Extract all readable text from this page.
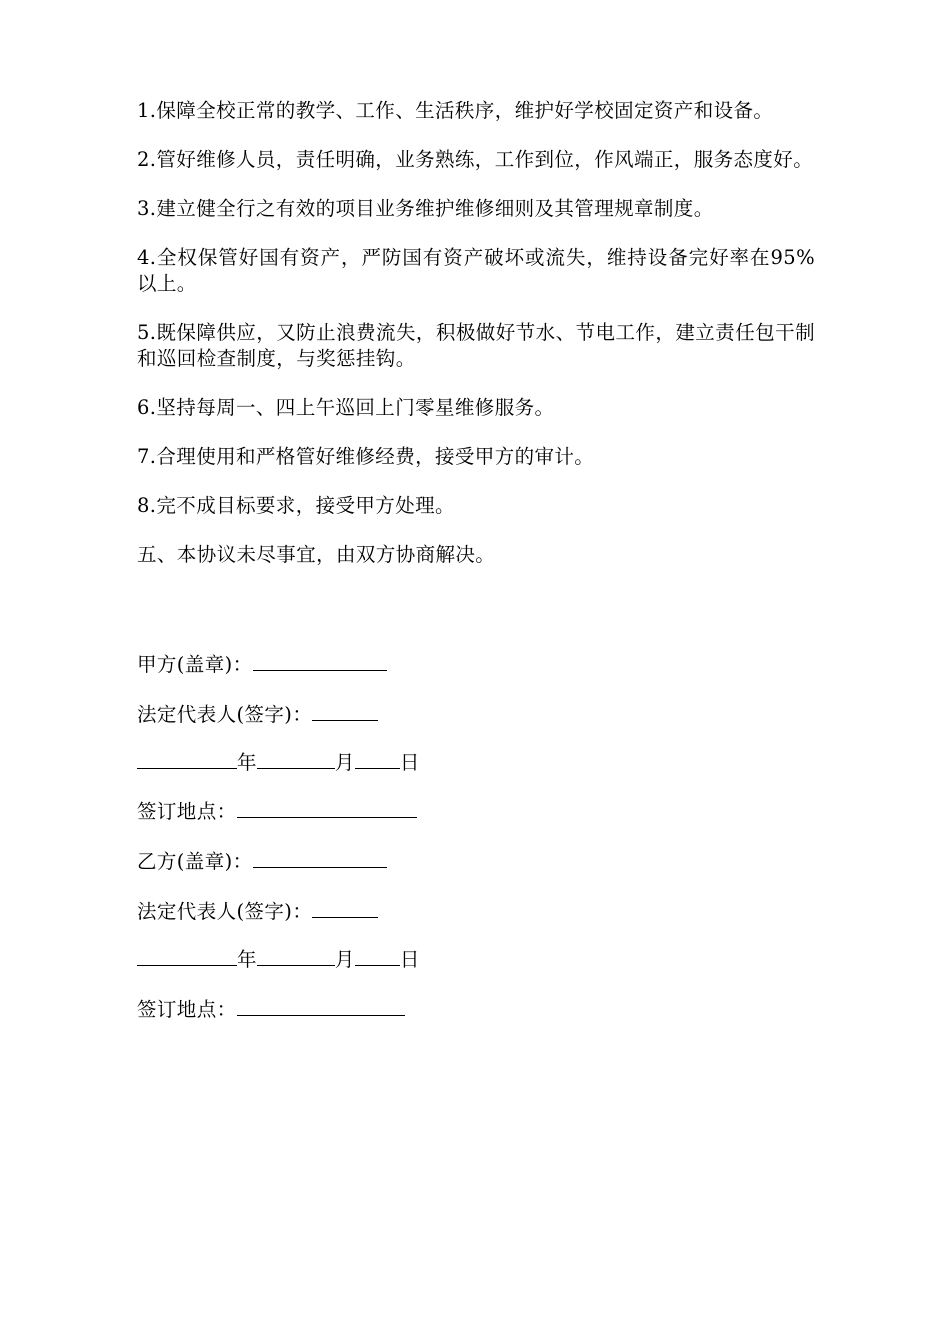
1.保障全校正常的教学、工作、生活秩序，维护好学校固定资产和设备。

2.管好维修人员，责任明确，业务熟练，工作到位，作风端正，服务态度好。

3.建立健全行之有效的项目业务维护维修细则及其管理规章制度。

4.全权保管好国有资产，严防国有资产破坏或流失，维持设备完好率在95%以上。

5.既保障供应，又防止浪费流失，积极做好节水、节电工作，建立责任包干制和巡回检查制度，与奖惩挂钩。

6.坚持每周一、四上午巡回上门零星维修服务。

7.合理使用和严格管好维修经费，接受甲方的审计。

8.完不成目标要求，接受甲方处理。

五、本协议未尽事宜，由双方协商解决。

甲方(盖章)：
法定代表人(签字)：
年	月 日
签订地点：
乙方(盖章)：
法定代表人(签字)：
年	月 日
签订地点：
